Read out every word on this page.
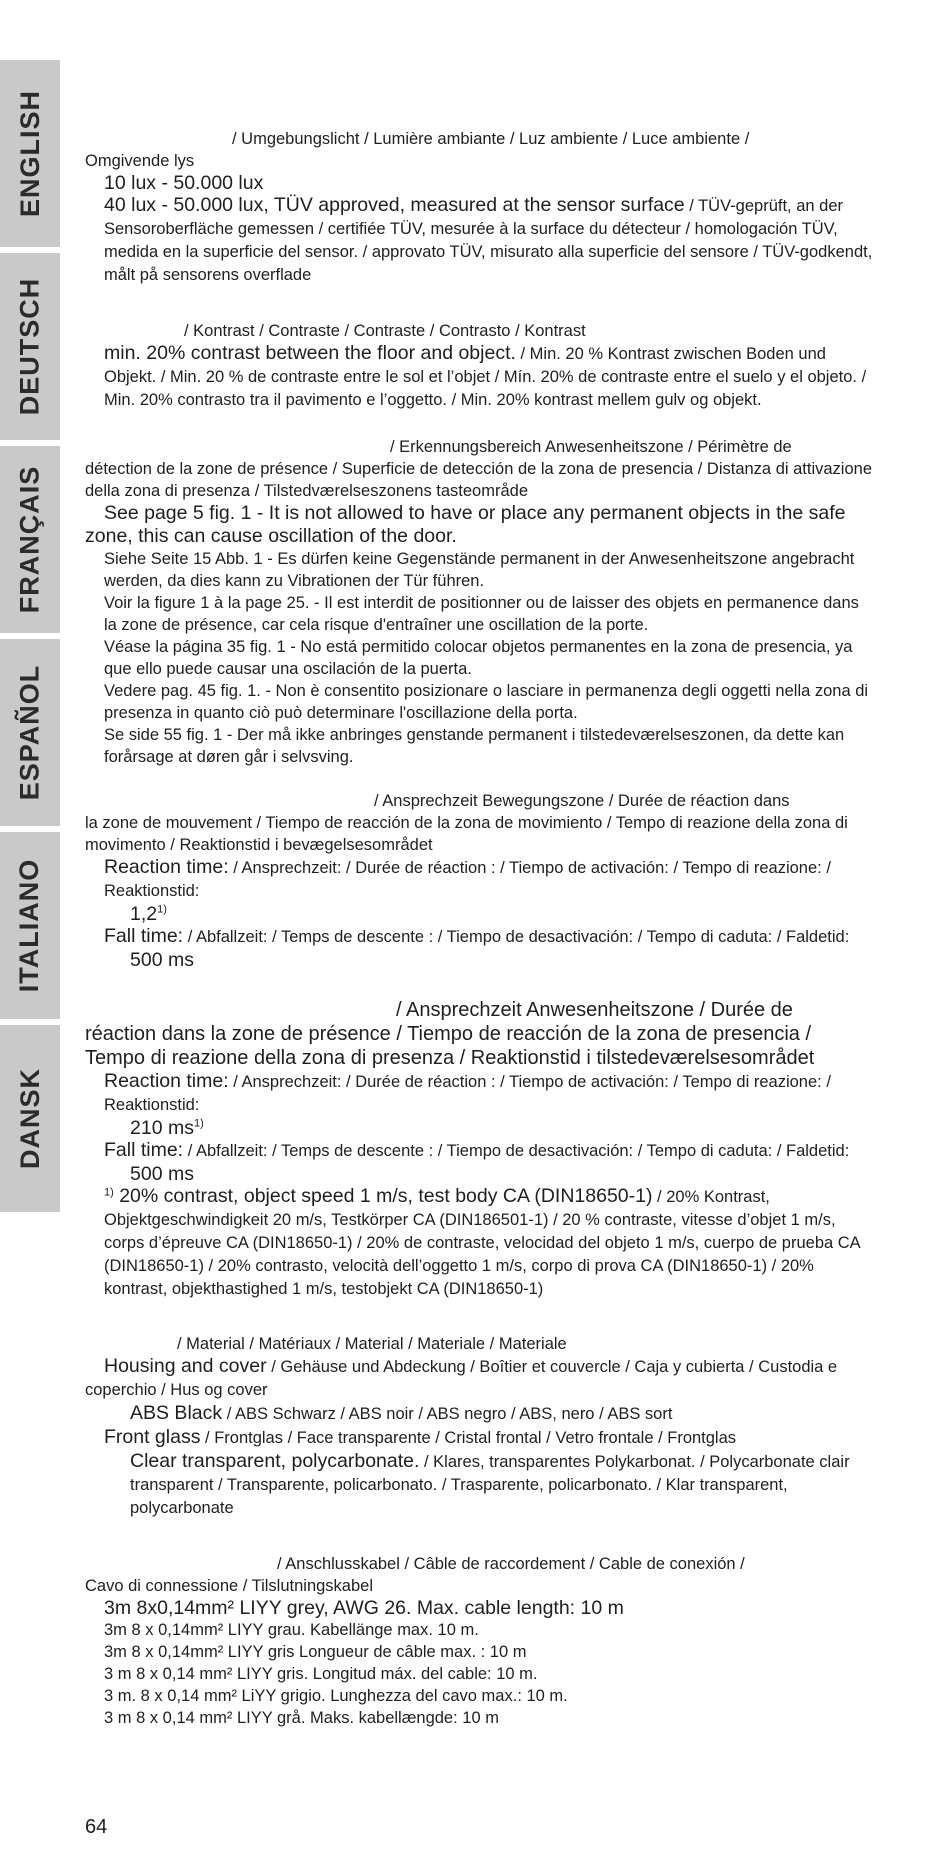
ENGLISH
DEUTSCH
FRANÇAIS
ESPAÑOL
ITALIANO
DANSK

/ Umgebungslicht / Lumière ambiante / Luz ambiente / Luce ambiente /

Omgivende lys

10 lux - 50.000 lux

40 lux - 50.000 lux, TÜV approved, measured at the sensor surface / TÜV-geprüft, an der Sensoroberfläche gemessen / certifiée TÜV, mesurée à la surface du détecteur / homologación TÜV, medida en la superficie del sensor. / approvato TÜV, misurato alla superficie del sensore / TÜV-godkendt, målt på sensorens overflade

/ Kontrast / Contraste / Contraste / Contrasto / Kontrast

min. 20% contrast between the floor and object. / Min. 20 % Kontrast zwischen Boden und Objekt. / Min. 20 % de contraste entre le sol et l’objet / Mín. 20% de contraste entre el suelo y el objeto. / Min. 20% contrasto tra il pavimento e l’oggetto. / Min. 20% kontrast mellem gulv og objekt.

/ Erkennungsbereich Anwesenheitszone / Périmètre de

détection de la zone de présence / Superficie de detección de la zona de presencia / Distanza di attivazione della zona di presenza / Tilstedværelseszonens tasteområde

See page 5 fig. 1 - It is not allowed to have or place any permanent objects in the safe zone, this can cause oscillation of the door.

Siehe Seite 15 Abb. 1 - Es dürfen keine Gegenstände permanent in der Anwesenheitszone angebracht werden, da dies kann zu Vibrationen der Tür führen.

Voir la figure 1 à la page 25. - Il est interdit de positionner ou de laisser des objets en permanence dans la zone de présence, car cela risque d'entraîner une oscillation de la porte.

Véase la página 35 fig. 1 - No está permitido colocar objetos permanentes en la zona de presencia, ya que ello puede causar una oscilación de la puerta.

Vedere pag. 45 fig. 1. - Non è consentito posizionare o lasciare in permanenza degli oggetti nella zona di presenza in quanto ciò può determinare l'oscillazione della porta.

Se side 55 fig. 1 - Der må ikke anbringes genstande permanent i tilstedeværelseszonen, da dette kan forårsage at døren går i selvsving.

/ Ansprechzeit Bewegungszone / Durée de réaction dans

la zone de mouvement / Tiempo de reacción de la zona de movimiento / Tempo di reazione della zona di movimento / Reaktionstid i bevægelsesområdet

Reaction time: / Ansprechzeit: / Durée de réaction : / Tiempo de activación: / Tempo di reazione: / Reaktionstid:

1,2$^{1)}$

Fall time: / Abfallzeit: / Temps de descente : / Tiempo de desactivación: / Tempo di caduta: / Faldetid:

500 ms

/ Ansprechzeit Anwesenheitszone / Durée de

réaction dans la zone de présence / Tiempo de reacción de la zona de presencia / Tempo di reazione della zona di presenza / Reaktionstid i tilstedeværelsesområdet

Reaction time: / Ansprechzeit: / Durée de réaction : / Tiempo de activación: / Tempo di reazione: / Reaktionstid:

210 $ms^{1)}$

Fall time: / Abfallzeit: / Temps de descente : / Tiempo de desactivación: / Tempo di caduta: / Faldetid:

500 ms

$^{1)}$ 20% contrast, object speed 1 m/s, test body CA (DIN18650-1) / 20% Kontrast, Objektgeschwindigkeit 20 m/s, Testkörper CA (DIN186501-1) / 20 % contraste, vitesse d’objet 1 m/s, corps d’épreuve CA (DIN18650-1) / 20% de contraste, velocidad del objeto 1 m/s, cuerpo de prueba CA (DIN18650-1) / 20% contrasto, velocità dell’oggetto 1 m/s, corpo di prova CA (DIN18650-1) / 20% kontrast, objekthastighed 1 m/s, testobjekt CA (DIN18650-1)

/ Material / Matériaux / Material / Materiale / Materiale

Housing and cover / Gehäuse und Abdeckung / Boîtier et couvercle / Caja y cubierta / Custodia e coperchio / Hus og cover

ABS Black / ABS Schwarz / ABS noir / ABS negro / ABS, nero / ABS sort

Front glass / Frontglas / Face transparente / Cristal frontal / Vetro frontale / Frontglas

Clear transparent, polycarbonate. / Klares, transparentes Polykarbonat. / Polycarbonate clair transparent / Transparente, policarbonato. / Trasparente, policarbonato. / Klar transparent, polycarbonate

/ Anschlusskabel / Câble de raccordement / Cable de conexión /

Cavo di connessione / Tilslutningskabel

3m 8x0,14mm² LIYY grey, AWG 26. Max. cable length: 10 m

3m 8 x 0,14mm² LIYY grau. Kabellänge max. 10 m.

3m 8 x 0,14mm² LIYY gris Longueur de câble max. : 10 m

3 m 8 x 0,14 mm² LIYY gris. Longitud máx. del cable: 10 m.

3 m. 8 x 0,14 mm² LiYY grigio. Lunghezza del cavo max.: 10 m.

3 m 8 x 0,14 mm² LIYY grå. Maks. kabellængde: 10 m

64
